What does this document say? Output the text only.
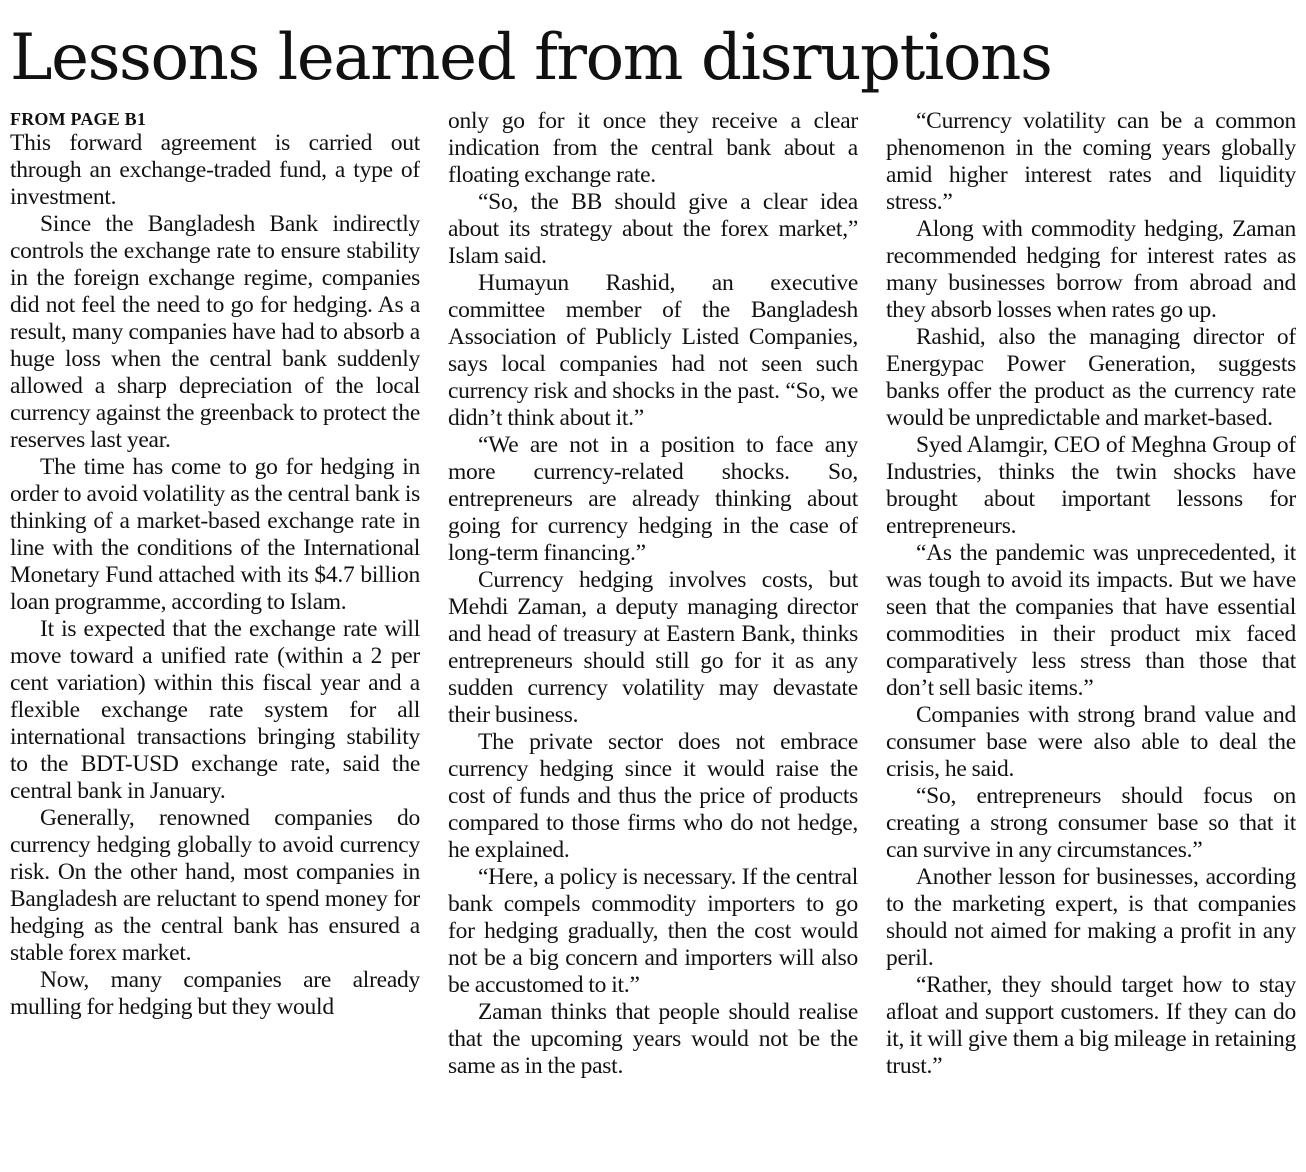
Lessons learned from disruptions
FROM PAGE B1

This forward agreement is carried out through an exchange-traded fund, a type of investment.

Since the Bangladesh Bank indirectly controls the exchange rate to ensure stability in the foreign exchange regime, companies did not feel the need to go for hedging. As a result, many companies have had to absorb a huge loss when the central bank suddenly allowed a sharp depreciation of the local currency against the greenback to protect the reserves last year.

The time has come to go for hedging in order to avoid volatility as the central bank is thinking of a market-based exchange rate in line with the conditions of the International Monetary Fund attached with its $4.7 billion loan programme, according to Islam.

It is expected that the exchange rate will move toward a unified rate (within a 2 per cent variation) within this fiscal year and a flexible exchange rate system for all international transactions bringing stability to the BDT-USD exchange rate, said the central bank in January.

Generally, renowned companies do currency hedging globally to avoid currency risk. On the other hand, most companies in Bangladesh are reluctant to spend money for hedging as the central bank has ensured a stable forex market.

Now, many companies are already mulling for hedging but they would

only go for it once they receive a clear indication from the central bank about a floating exchange rate.

“So, the BB should give a clear idea about its strategy about the forex market,” Islam said.

Humayun Rashid, an executive committee member of the Bangladesh Association of Publicly Listed Companies, says local companies had not seen such currency risk and shocks in the past. “So, we didn’t think about it.”

“We are not in a position to face any more currency-related shocks. So, entrepreneurs are already thinking about going for currency hedging in the case of long-term financing.”

Currency hedging involves costs, but Mehdi Zaman, a deputy managing director and head of treasury at Eastern Bank, thinks entrepreneurs should still go for it as any sudden currency volatility may devastate their business.

The private sector does not embrace currency hedging since it would raise the cost of funds and thus the price of products compared to those firms who do not hedge, he explained.

“Here, a policy is necessary. If the central bank compels commodity importers to go for hedging gradually, then the cost would not be a big concern and importers will also be accustomed to it.”

Zaman thinks that people should realise that the upcoming years would not be the same as in the past.

“Currency volatility can be a common phenomenon in the coming years globally amid higher interest rates and liquidity stress.”

Along with commodity hedging, Zaman recommended hedging for interest rates as many businesses borrow from abroad and they absorb losses when rates go up.

Rashid, also the managing director of Energypac Power Generation, suggests banks offer the product as the currency rate would be unpredictable and market-based.

Syed Alamgir, CEO of Meghna Group of Industries, thinks the twin shocks have brought about important lessons for entrepreneurs.

“As the pandemic was unprecedented, it was tough to avoid its impacts. But we have seen that the companies that have essential commodities in their product mix faced comparatively less stress than those that don’t sell basic items.”

Companies with strong brand value and consumer base were also able to deal the crisis, he said.

“So, entrepreneurs should focus on creating a strong consumer base so that it can survive in any circumstances.”

Another lesson for businesses, according to the marketing expert, is that companies should not aimed for making a profit in any peril.

“Rather, they should target how to stay afloat and support customers. If they can do it, it will give them a big mileage in retaining trust.”
